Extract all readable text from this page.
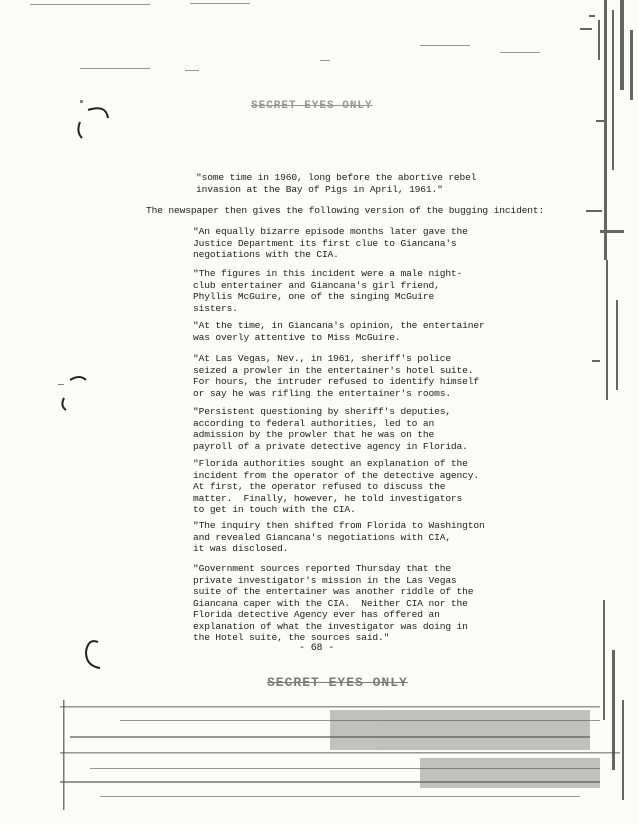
SECRET EYES ONLY
"some time in 1960, long before the abortive rebel
invasion at the Bay of Pigs in April, 1961."
The newspaper then gives the following version of the bugging incident:
"An equally bizarre episode months later gave the
Justice Department its first clue to Giancana's
negotiations with the CIA.
"The figures in this incident were a male night-
club entertainer and Giancana's girl friend,
Phyllis McGuire, one of the singing McGuire
sisters.
"At the time, in Giancana's opinion, the entertainer
was overly attentive to Miss McGuire.
"At Las Vegas, Nev., in 1961, sheriff's police
seized a prowler in the entertainer's hotel suite.
For hours, the intruder refused to identify himself
or say he was rifling the entertainer's rooms.
"Persistent questioning by sheriff's deputies,
according to federal authorities, led to an
admission by the prowler that he was on the
payroll of a private detective agency in Florida.
"Florida authorities sought an explanation of the
incident from the operator of the detective agency.
At first, the operator refused to discuss the
matter.  Finally, however, he told investigators
to get in touch with the CIA.
"The inquiry then shifted from Florida to Washington
and revealed Giancana's negotiations with CIA,
it was disclosed.
"Government sources reported Thursday that the
private investigator's mission in the Las Vegas
suite of the entertainer was another riddle of the
Giancana caper with the CIA.  Neither CIA nor the
Florida detective Agency ever has offered an
explanation of what the investigator was doing in
the Hotel suite, the sources said."
- 68 -
SECRET EYES ONLY
